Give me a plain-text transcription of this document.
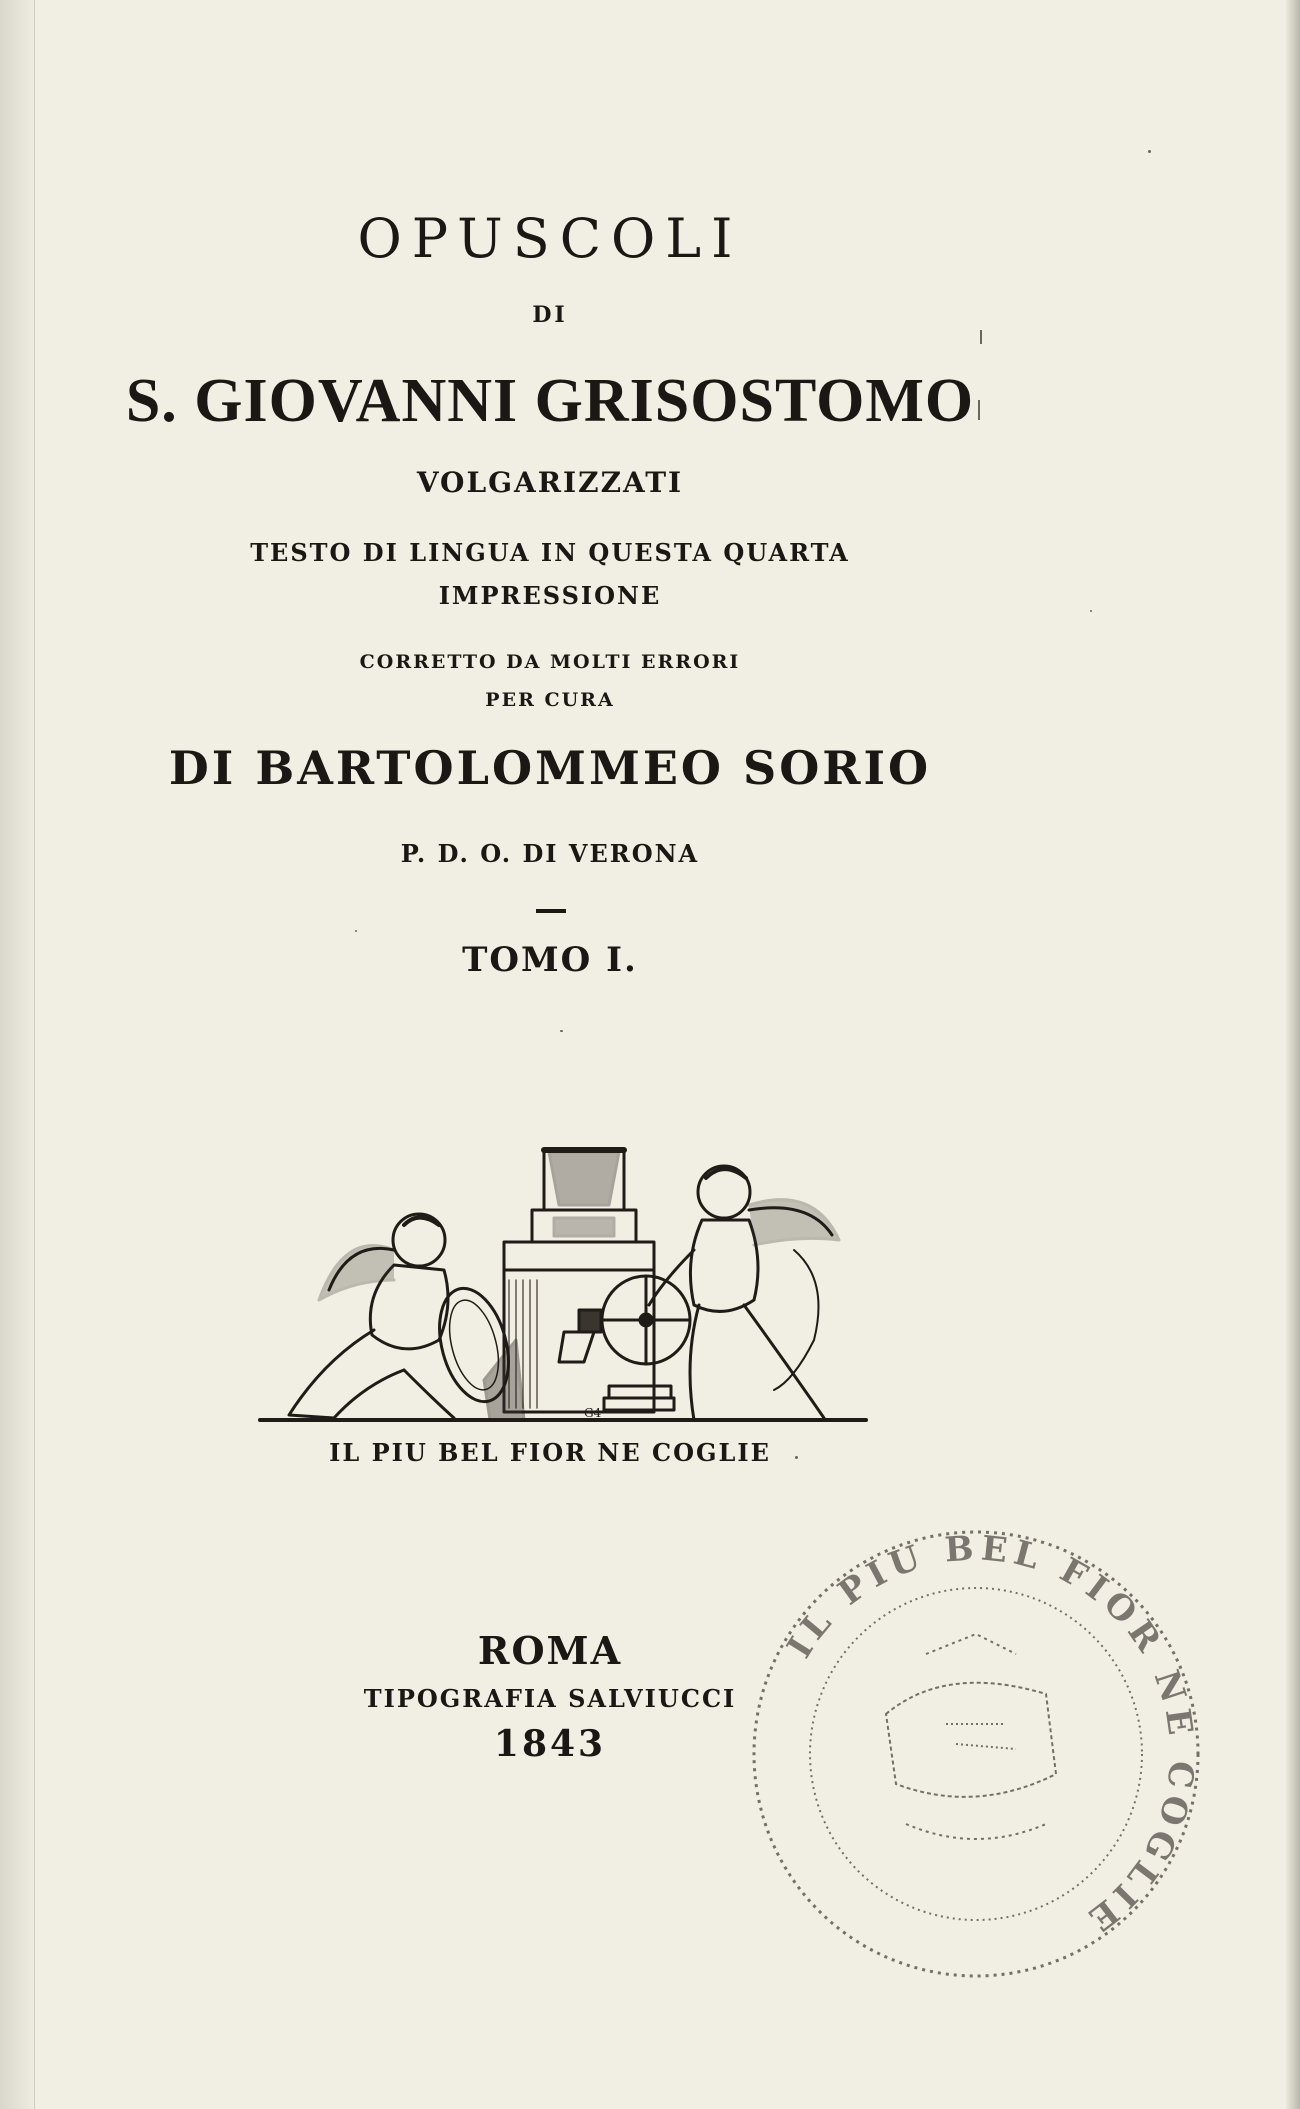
OPUSCOLI
DI
S. GIOVANNI GRISOSTOMO
VOLGARIZZATI
TESTO DI LINGUA IN QUESTA QUARTA
IMPRESSIONE
CORRETTO DA MOLTI ERRORI
PER CURA
DI BARTOLOMMEO SORIO
P. D. O. DI VERONA
TOMO I.
G4
IL PIU BEL FIOR NE COGLIE
ROMA
TIPOGRAFIA SALVIUCCI
1843
IL PIU BEL FIOR NE COGLIE
